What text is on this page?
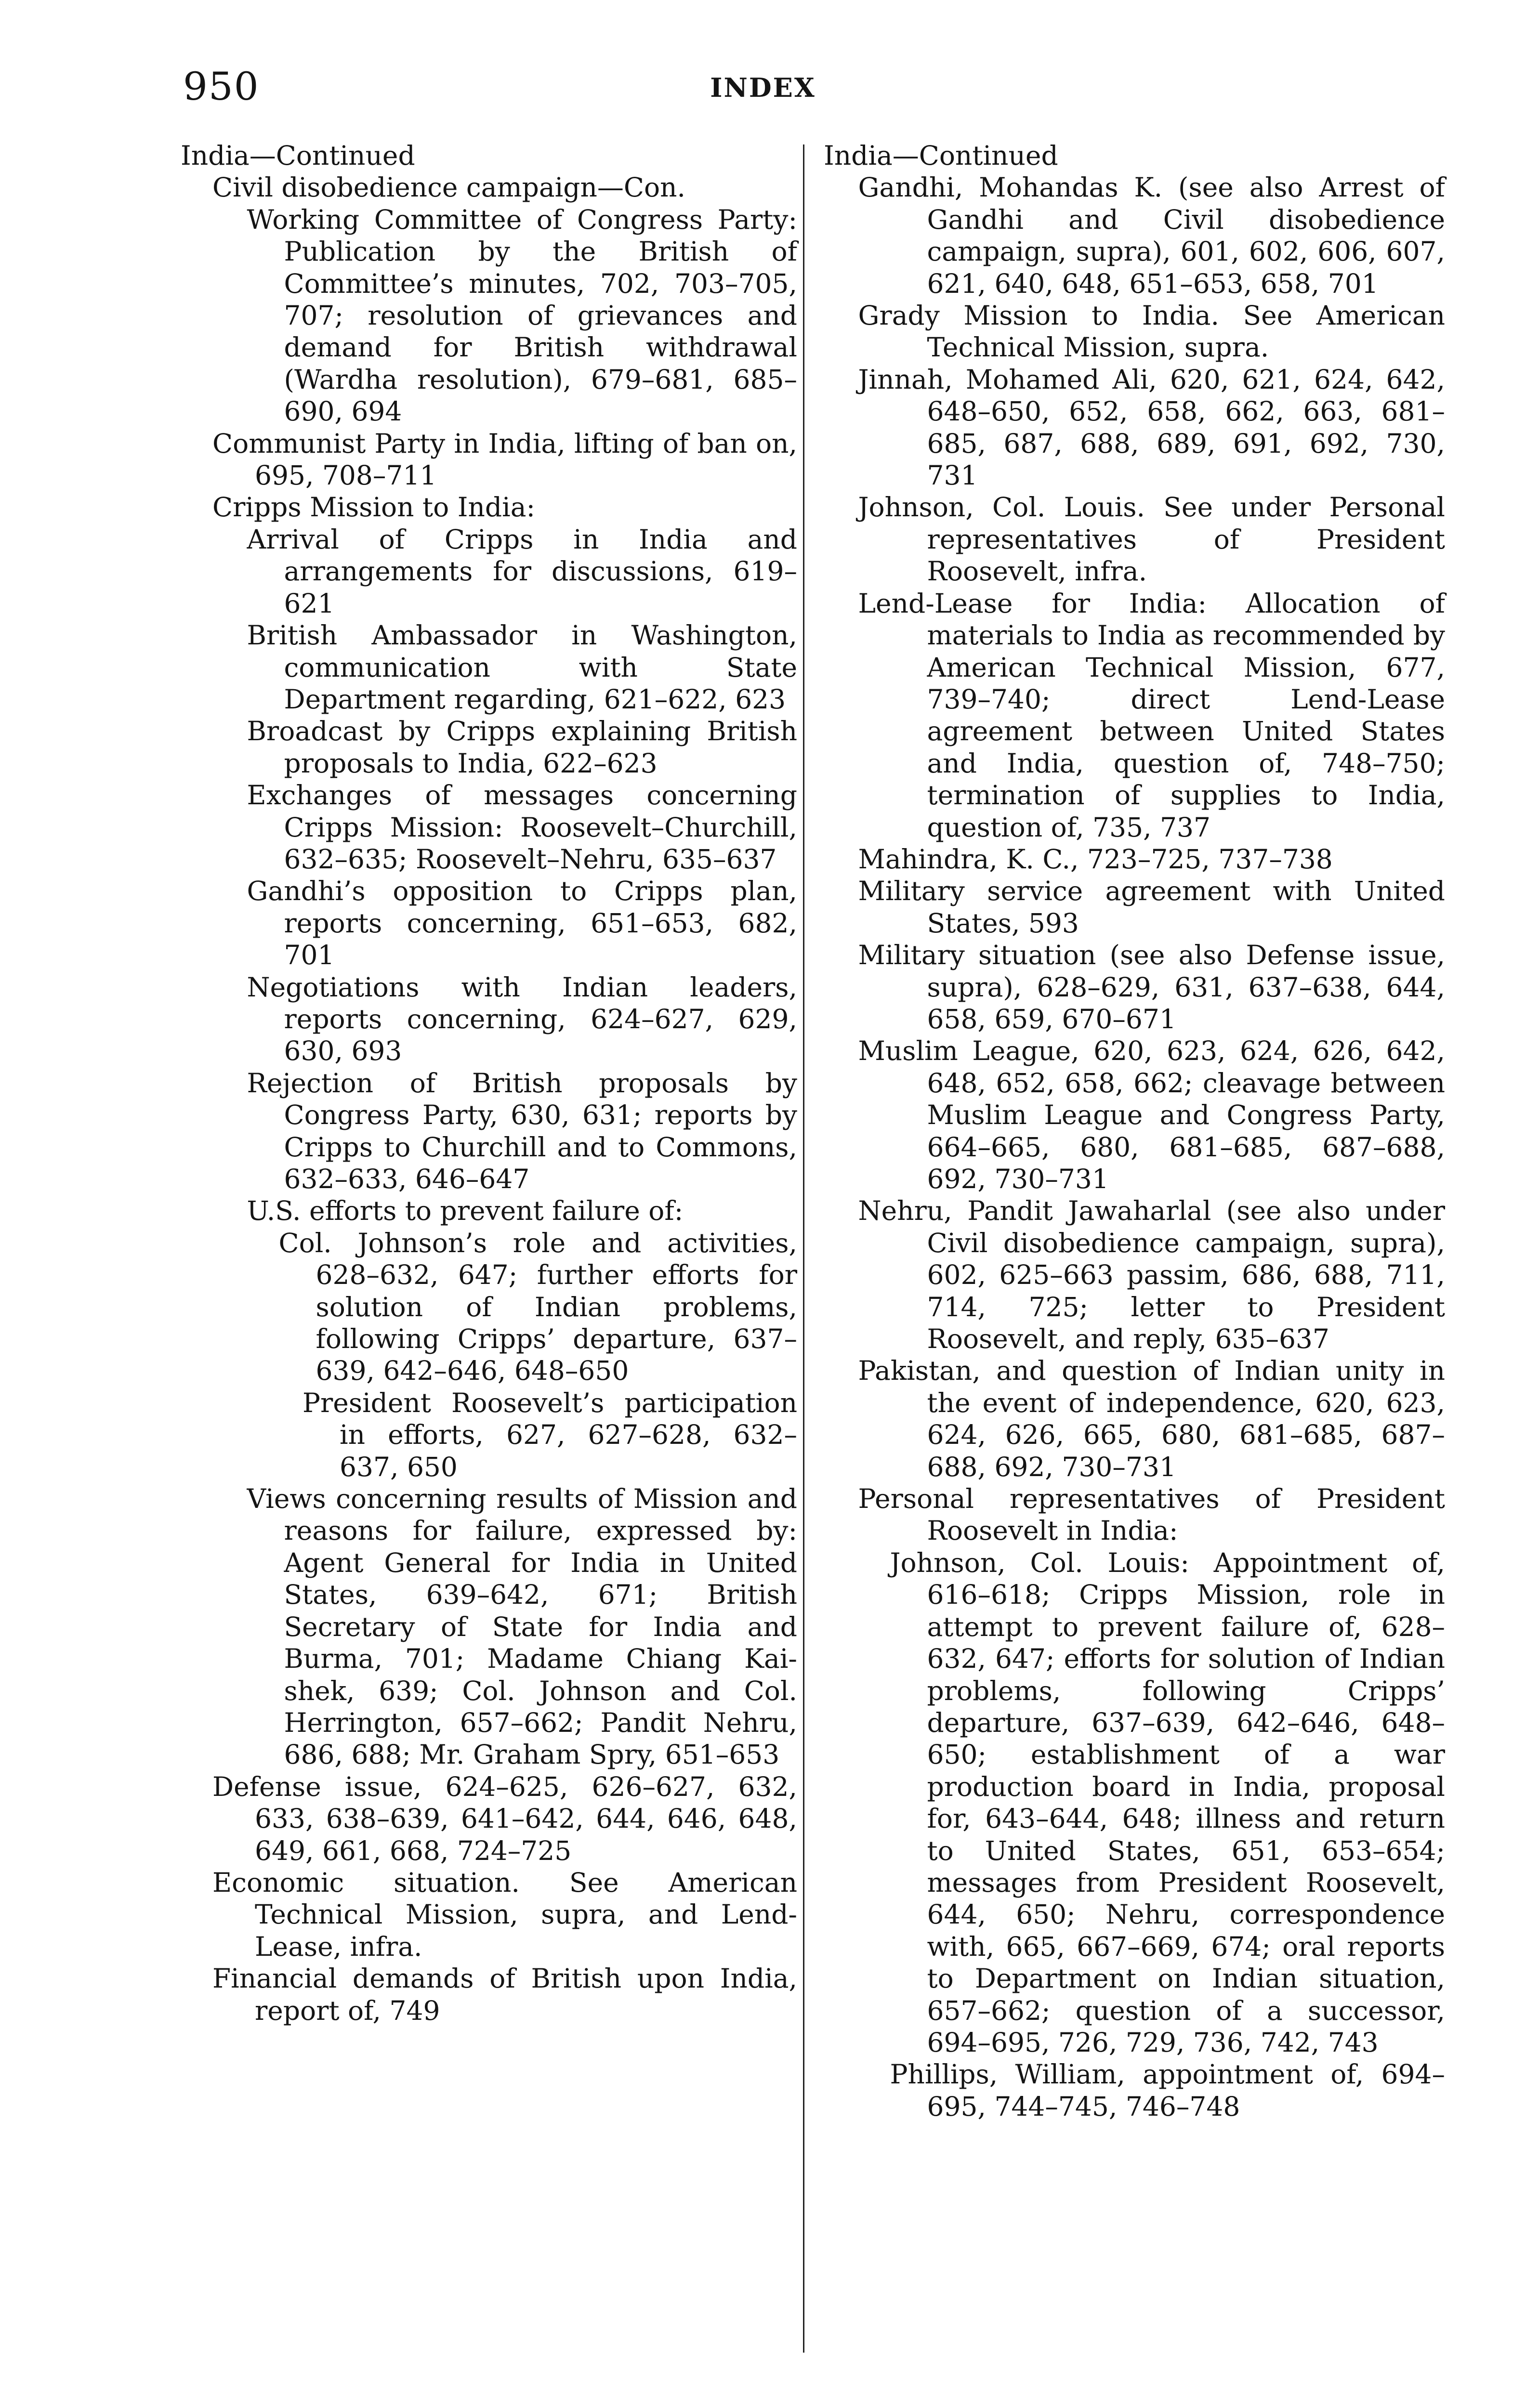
950	INDEX
India—Continued
Civil disobedience campaign—Con.
Working Committee of Congress Party: Publication by the British of Committee’s minutes, 702, 703–705, 707; resolution of grievances and demand for British withdrawal (Wardha resolution), 679–681, 685–690, 694
Communist Party in India, lifting of ban on, 695, 708–711
Cripps Mission to India:
Arrival of Cripps in India and arrangements for discussions, 619–621
British Ambassador in Washington, communication with State Department regarding, 621–622, 623
Broadcast by Cripps explaining British proposals to India, 622–623
Exchanges of messages concerning Cripps Mission: Roosevelt–Churchill, 632–635; Roosevelt–Nehru, 635–637
Gandhi’s opposition to Cripps plan, reports concerning, 651–653, 682, 701
Negotiations with Indian leaders, reports concerning, 624–627, 629, 630, 693
Rejection of British proposals by Congress Party, 630, 631; reports by Cripps to Churchill and to Commons, 632–633, 646–647
U.S. efforts to prevent failure of:
Col. Johnson’s role and activities, 628–632, 647; further efforts for solution of Indian problems, following Cripps’ departure, 637–639, 642–646, 648–650
President Roosevelt’s participation in efforts, 627, 627–628, 632–637, 650
Views concerning results of Mission and reasons for failure, expressed by: Agent General for India in United States, 639–642, 671; British Secretary of State for India and Burma, 701; Madame Chiang Kai-shek, 639; Col. Johnson and Col. Herrington, 657–662; Pandit Nehru, 686, 688; Mr. Graham Spry, 651–653
Defense issue, 624–625, 626–627, 632, 633, 638–639, 641–642, 644, 646, 648, 649, 661, 668, 724–725
Economic situation. See American Technical Mission, supra, and Lend-Lease, infra.
Financial demands of British upon India, report of, 749
India—Continued
Gandhi, Mohandas K. (see also Arrest of Gandhi and Civil disobedience campaign, supra), 601, 602, 606, 607, 621, 640, 648, 651–653, 658, 701
Grady Mission to India. See American Technical Mission, supra.
Jinnah, Mohamed Ali, 620, 621, 624, 642, 648–650, 652, 658, 662, 663, 681–685, 687, 688, 689, 691, 692, 730, 731
Johnson, Col. Louis. See under Personal representatives of President Roosevelt, infra.
Lend-Lease for India: Allocation of materials to India as recommended by American Technical Mission, 677, 739–740; direct Lend-Lease agreement between United States and India, question of, 748–750; termination of supplies to India, question of, 735, 737
Mahindra, K. C., 723–725, 737–738
Military service agreement with United States, 593
Military situation (see also Defense issue, supra), 628–629, 631, 637–638, 644, 658, 659, 670–671
Muslim League, 620, 623, 624, 626, 642, 648, 652, 658, 662; cleavage between Muslim League and Congress Party, 664–665, 680, 681–685, 687–688, 692, 730–731
Nehru, Pandit Jawaharlal (see also under Civil disobedience campaign, supra), 602, 625–663 passim, 686, 688, 711, 714, 725; letter to President Roosevelt, and reply, 635–637
Pakistan, and question of Indian unity in the event of independence, 620, 623, 624, 626, 665, 680, 681–685, 687–688, 692, 730–731
Personal representatives of President Roosevelt in India:
Johnson, Col. Louis: Appointment of, 616–618; Cripps Mission, role in attempt to prevent failure of, 628–632, 647; efforts for solution of Indian problems, following Cripps’ departure, 637–639, 642–646, 648–650; establishment of a war production board in India, proposal for, 643–644, 648; illness and return to United States, 651, 653–654; messages from President Roosevelt, 644, 650; Nehru, correspondence with, 665, 667–669, 674; oral reports to Department on Indian situation, 657–662; question of a successor, 694–695, 726, 729, 736, 742, 743
Phillips, William, appointment of, 694–695, 744–745, 746–748
